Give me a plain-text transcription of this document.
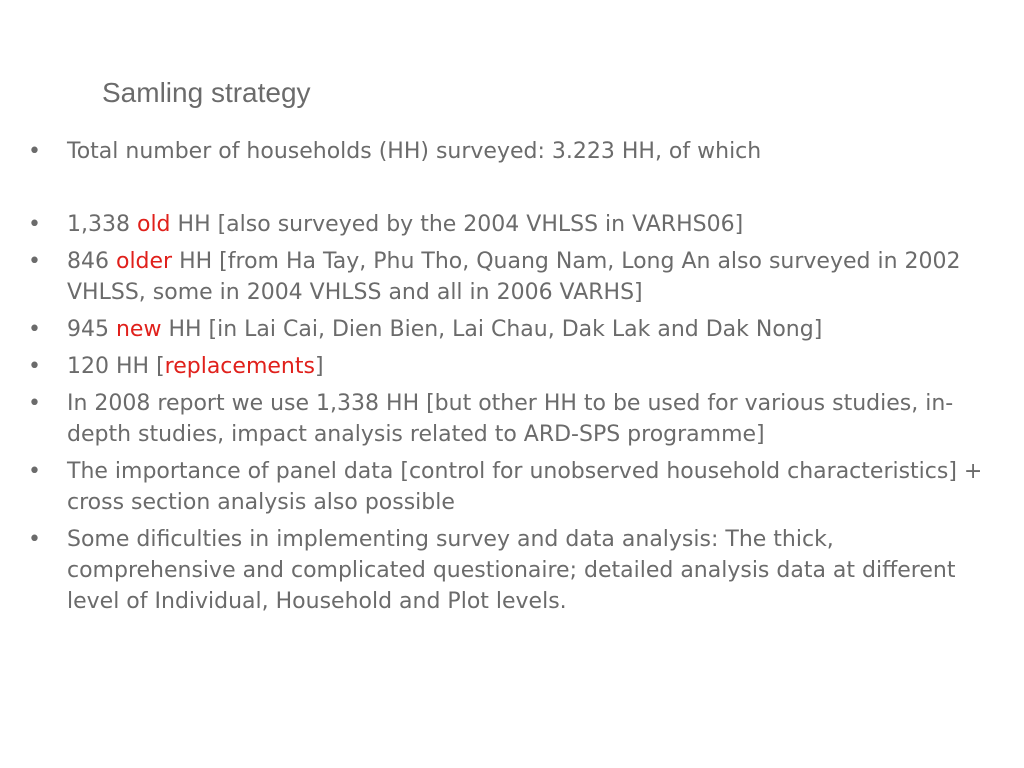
Samling strategy
• Total number of households (HH) surveyed: 3.223 HH, of which
• 1,338 old HH [also surveyed by the 2004 VHLSS in VARHS06]
• 846 older HH [from Ha Tay, Phu Tho, Quang Nam, Long An also surveyed in 2002 VHLSS, some in 2004 VHLSS and all in 2006 VARHS]
• 945 new HH [in Lai Cai, Dien Bien, Lai Chau, Dak Lak and Dak Nong]
• 120 HH [replacements]
• In 2008 report we use 1,338 HH [but other HH to be used for various studies, in-depth studies, impact analysis related to ARD-SPS programme]
• The importance of panel data [control for unobserved household characteristics] + cross section analysis also possible
• Some dificulties in implementing survey and data analysis: The thick, comprehensive and complicated questionaire; detailed analysis data at different level of Individual, Household and Plot levels.
